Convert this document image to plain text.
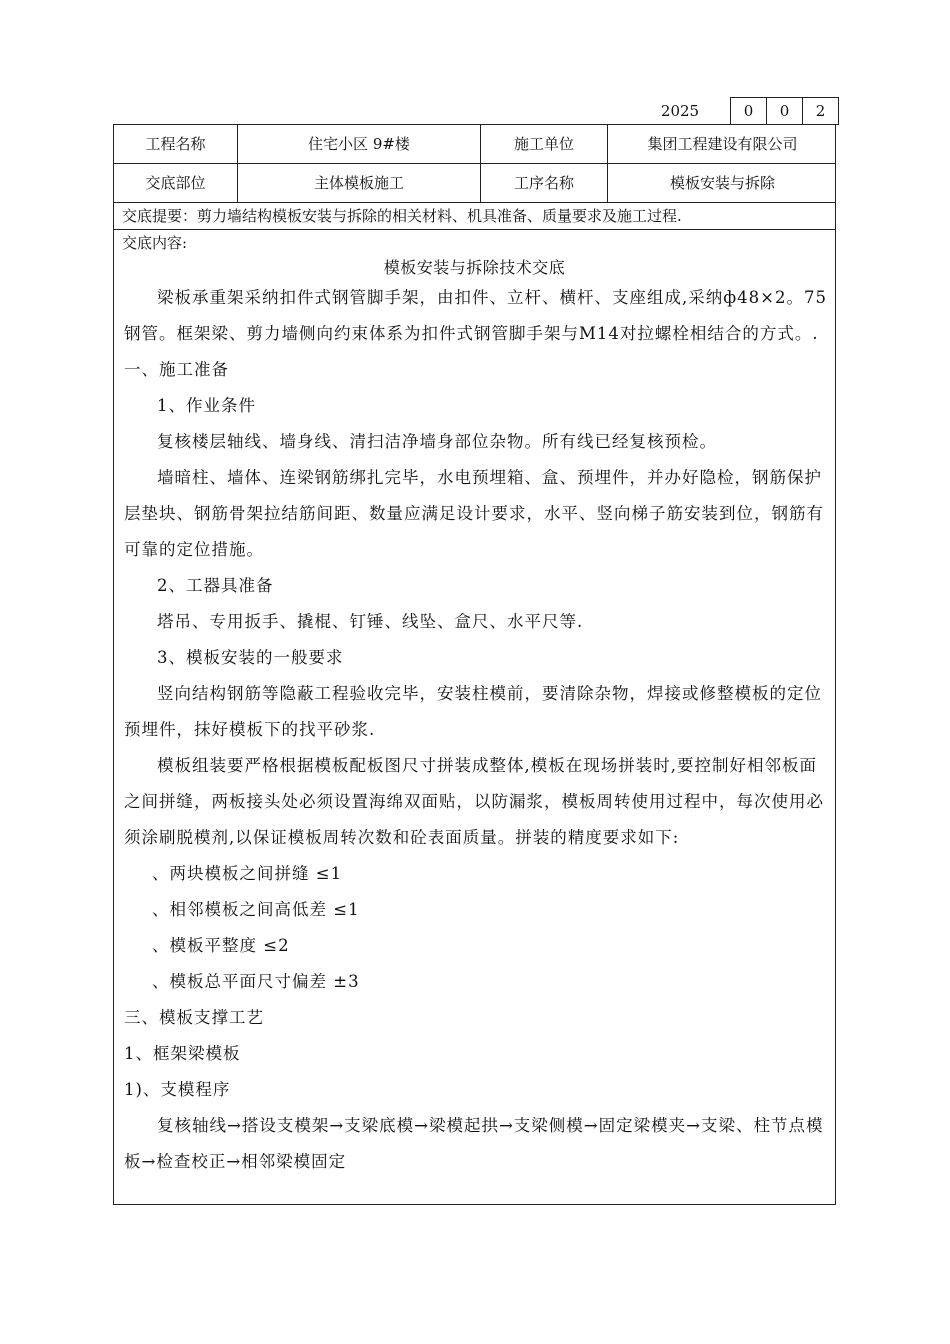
2025	0	0	2
工程名称	住宅小区 9#楼	施工单位	集团工程建设有限公司
交底部位	主体模板施工	工序名称	模板安装与拆除
交底提要：剪力墙结构模板安装与拆除的相关材料、机具准备、质量要求及施工过程.
交底内容:
模板安装与拆除技术交底

梁板承重架采纳扣件式钢管脚手架，由扣件、立杆、横杆、支座组成,采纳ф48×2。75钢管。框架梁、剪力墙侧向约束体系为扣件式钢管脚手架与M14对拉螺栓相结合的方式。.

一、施工准备

1、作业条件

复核楼层轴线、墙身线、清扫洁净墙身部位杂物。所有线已经复核预检。

墙暗柱、墙体、连梁钢筋绑扎完毕，水电预埋箱、盒、预埋件，并办好隐检，钢筋保护层垫块、钢筋骨架拉结筋间距、数量应满足设计要求，水平、竖向梯子筋安装到位，钢筋有可靠的定位措施。

2、工器具准备

塔吊、专用扳手、撬棍、钉锤、线坠、盒尺、水平尺等.

3、模板安装的一般要求

竖向结构钢筋等隐蔽工程验收完毕，安装柱模前，要清除杂物，焊接或修整模板的定位预埋件，抹好模板下的找平砂浆.

模板组装要严格根据模板配板图尺寸拼装成整体,模板在现场拼装时,要控制好相邻板面之间拼缝，两板接头处必须设置海绵双面贴，以防漏浆，模板周转使用过程中，每次使用必须涂刷脱模剂,以保证模板周转次数和砼表面质量。拼装的精度要求如下:

、两块模板之间拼缝 ≤1

、相邻模板之间高低差 ≤1

、模板平整度 ≤2

、模板总平面尺寸偏差 ±3

三、模板支撑工艺

1、框架梁模板

1)、支模程序

复核轴线→搭设支模架→支梁底模→梁模起拱→支梁侧模→固定梁模夹→支梁、柱节点模板→检查校正→相邻梁模固定
